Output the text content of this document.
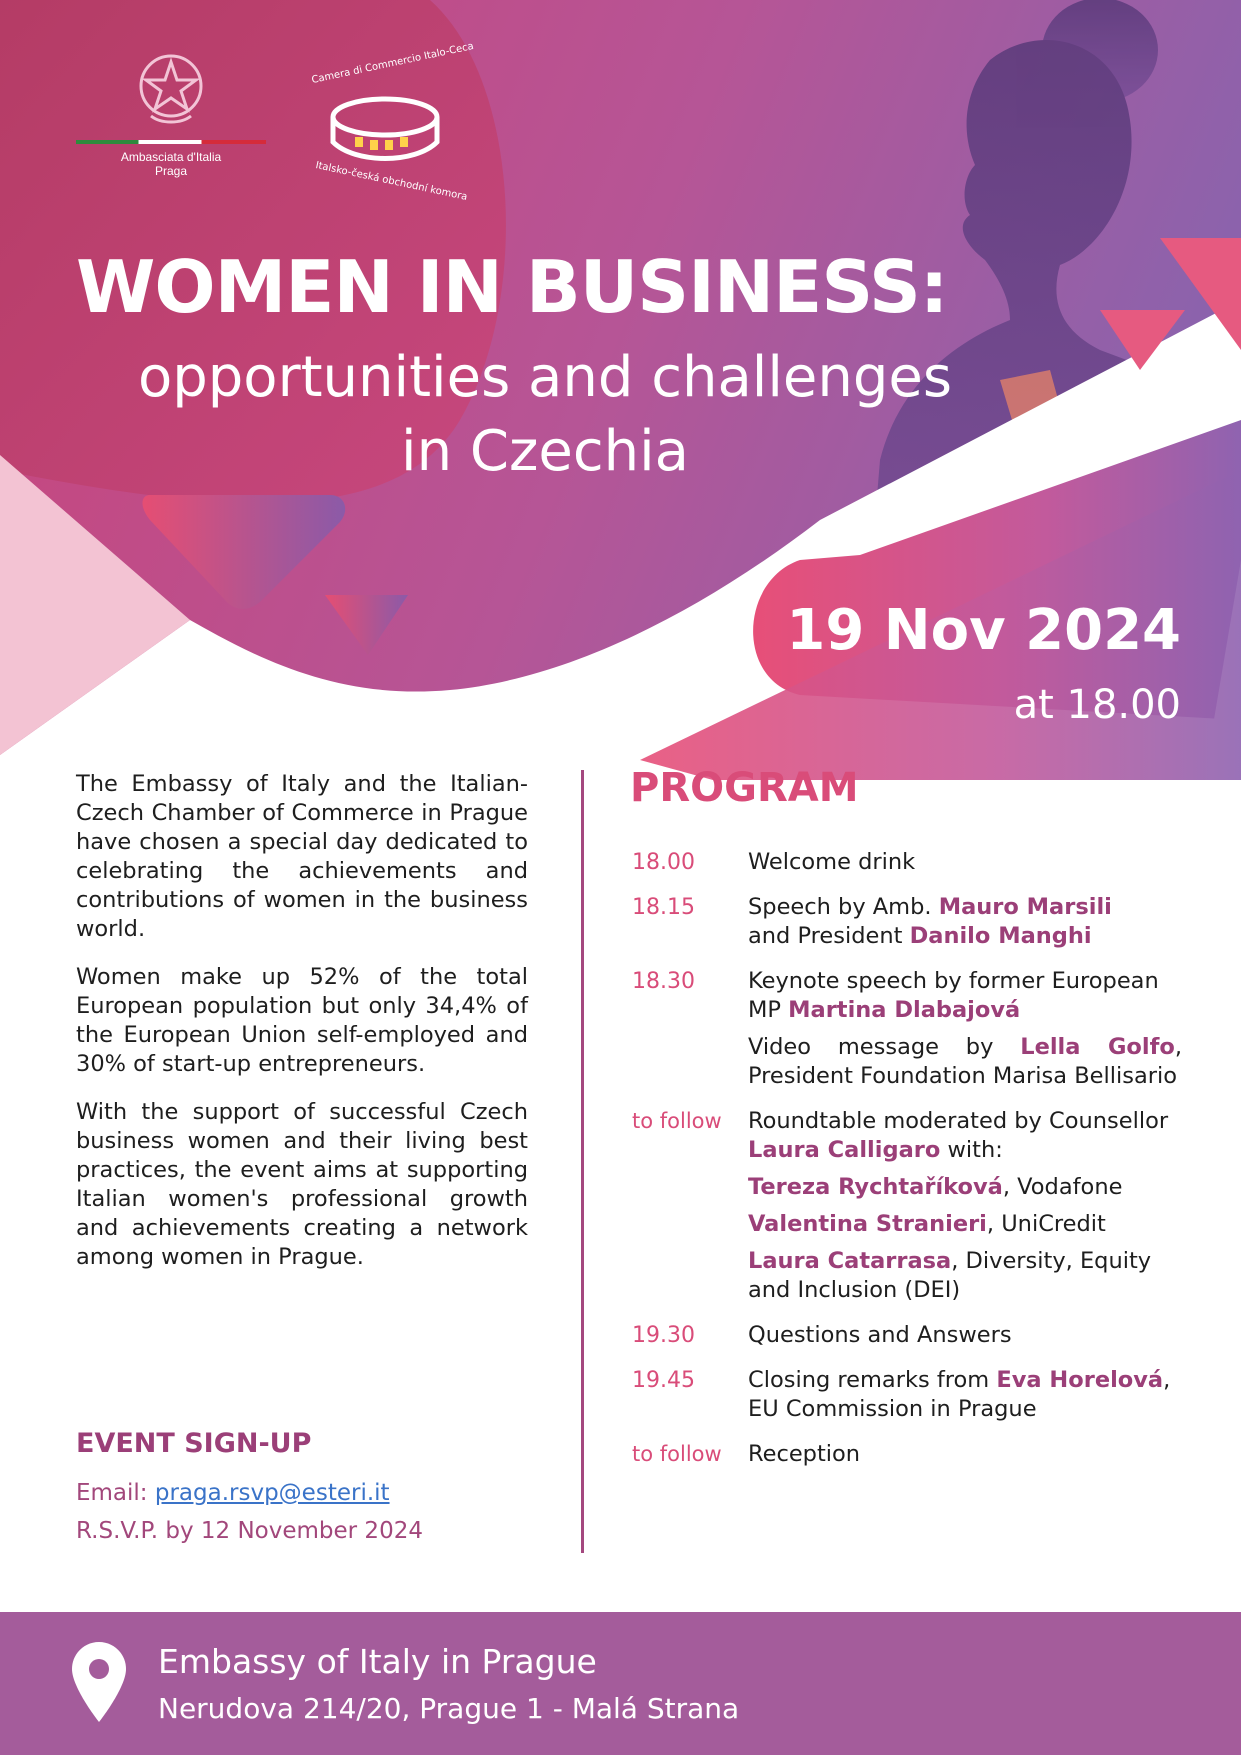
Ambasciata d'Italia
Praga
Camera di Commercio Italo-Ceca
Italsko-česká obchodní komora
WOMEN IN BUSINESS:
opportunities and challenges
in Czechia
19 Nov 2024
at 18.00

The Embassy of Italy and the Italian-Czech Chamber of Commerce in Prague have chosen a special day dedicated to celebrating the achievements and contributions of women in the business world.

Women make up 52% of the total European population but only 34,4% of the European Union self-employed and 30% of start-up entrepreneurs.

With the support of successful Czech business women and their living best practices, the event aims at supporting Italian women's professional growth and achievements creating a network among women in Prague.

EVENT SIGN-UP
Email: praga.rsvp@esteri.it
R.S.V.P. by 12 November 2024
PROGRAM
18.00	Welcome drink
18.15	Speech by Amb. Mauro Marsili
and President Danilo Manghi
18.30	Keynote speech by former European MP Martina Dlabajová
Video message by Lella Golfo, President Foundation Marisa Bellisario
to follow	Roundtable moderated by Counsellor Laura Calligaro with:
Tereza Rychtaříková, Vodafone
Valentina Stranieri, UniCredit
Laura Catarrasa, Diversity, Equity and Inclusion (DEI)
19.30	Questions and Answers
19.45	Closing remarks from Eva Horelová, EU Commission in Prague
to follow	Reception
Embassy of Italy in Prague
Nerudova 214/20, Prague 1 - Malá Strana
